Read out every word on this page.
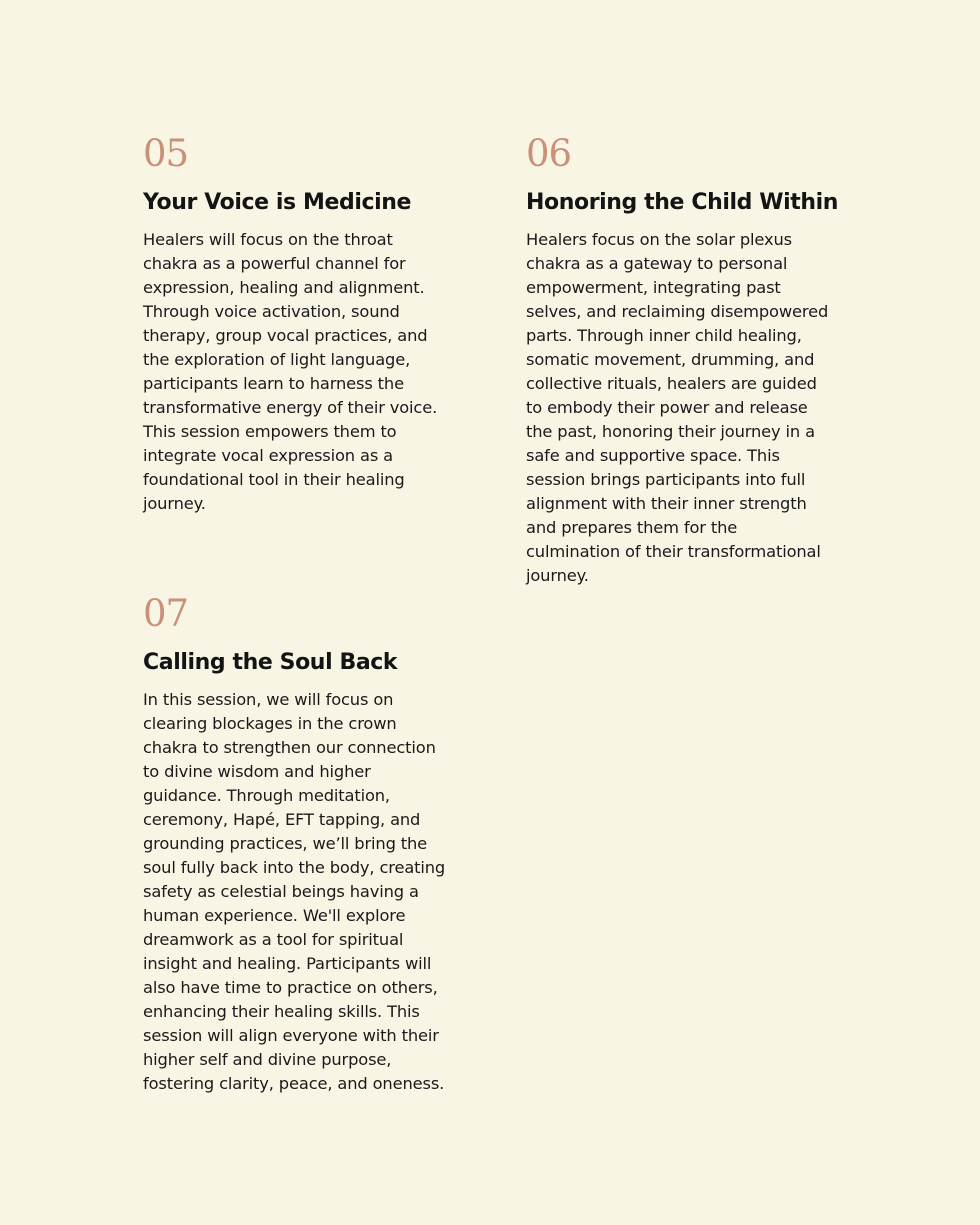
05
Your Voice is Medicine
Healers will focus on the throat
chakra as a powerful channel for
expression, healing and alignment.
Through voice activation, sound
therapy, group vocal practices, and
the exploration of light language,
participants learn to harness the
transformative energy of their voice.
This session empowers them to
integrate vocal expression as a
foundational tool in their healing
journey.
06
Honoring the Child Within
Healers focus on the solar plexus
chakra as a gateway to personal
empowerment, integrating past
selves, and reclaiming disempowered
parts. Through inner child healing,
somatic movement, drumming, and
collective rituals, healers are guided
to embody their power and release
the past, honoring their journey in a
safe and supportive space. This
session brings participants into full
alignment with their inner strength
and prepares them for the
culmination of their transformational
journey.
07
Calling the Soul Back
In this session, we will focus on
clearing blockages in the crown
chakra to strengthen our connection
to divine wisdom and higher
guidance. Through meditation,
ceremony, Hapé, EFT tapping, and
grounding practices, we’ll bring the
soul fully back into the body, creating
safety as celestial beings having a
human experience. We'll explore
dreamwork as a tool for spiritual
insight and healing. Participants will
also have time to practice on others,
enhancing their healing skills. This
session will align everyone with their
higher self and divine purpose,
fostering clarity, peace, and oneness.
